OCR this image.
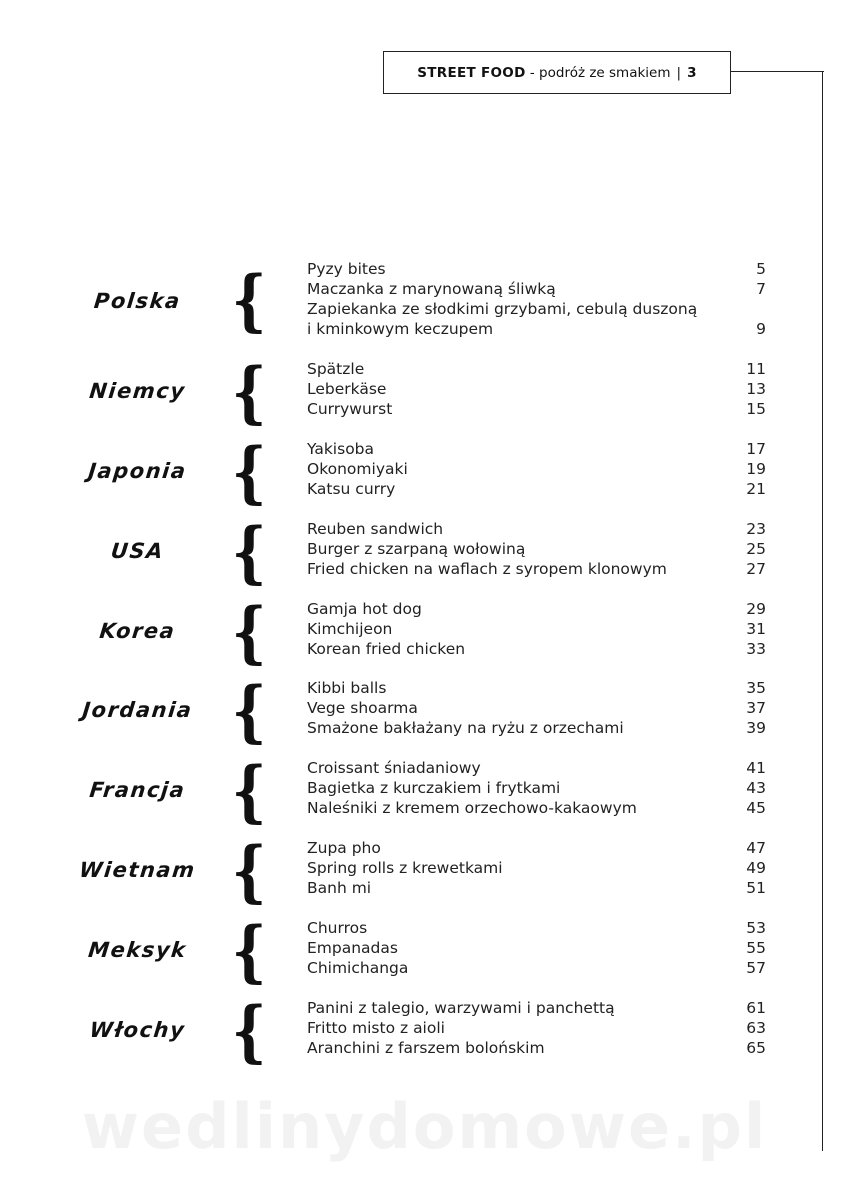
STREET FOOD
- podróż ze smakiem | 3
Polska {	Pyzy bites	5
Maczanka z marynowaną śliwką	7
Zapiekanka ze słodkimi grzybami, cebulą duszoną
i kminkowym keczupem	9
Niemcy {	Spätzle	11
Leberkäse	13
Currywurst	15
Japonia {	Yakisoba	17
Okonomiyaki	19
Katsu curry	21
USA	{	Reuben sandwich	23
Burger z szarpaną wołowiną	25
Fried chicken na waflach z syropem klonowym	27
Korea {	Gamja hot dog	29
Kimchijeon	31
Korean fried chicken	33
Jordania {	Kibbi balls	35
Vege shoarma	37
Smażone bakłażany na ryżu z orzechami	39
Francja {	Croissant śniadaniowy	41
Bagietka z kurczakiem i frytkami	43
Naleśniki z kremem orzechowo-kakaowym	45
Wietnam {	Zupa pho	47
Spring rolls z krewetkami	49
Banh mi	51
Meksyk {	Churros	53
Empanadas	55
Chimichanga	57
Włochy {	Panini z talegio, warzywami i panchettą	61
Fritto misto z aioli	63
Aranchini z farszem bolońskim	65
wedlinydomowe.pl
